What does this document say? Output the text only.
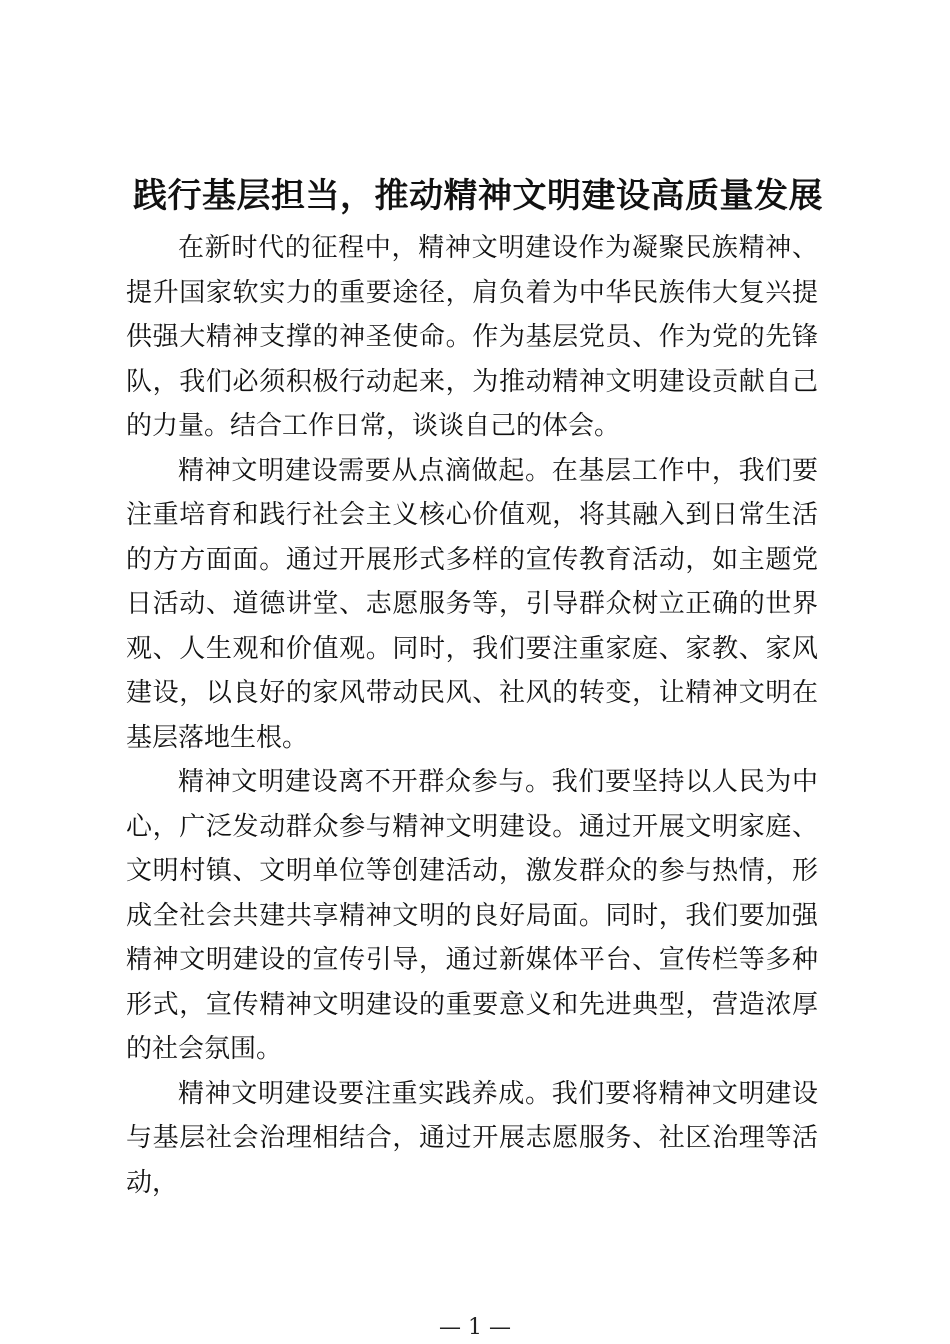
践行基层担当，推动精神文明建设高质量发展

在新时代的征程中，精神文明建设作为凝聚民族精神、提升国家软实力的重要途径，肩负着为中华民族伟大复兴提供强大精神支撑的神圣使命。作为基层党员、作为党的先锋队，我们必须积极行动起来，为推动精神文明建设贡献自己的力量。结合工作日常，谈谈自己的体会。

精神文明建设需要从点滴做起。在基层工作中，我们要注重培育和践行社会主义核心价值观，将其融入到日常生活的方方面面。通过开展形式多样的宣传教育活动，如主题党日活动、道德讲堂、志愿服务等，引导群众树立正确的世界观、人生观和价值观。同时，我们要注重家庭、家教、家风建设，以良好的家风带动民风、社风的转变，让精神文明在基层落地生根。

精神文明建设离不开群众参与。我们要坚持以人民为中心，广泛发动群众参与精神文明建设。通过开展文明家庭、文明村镇、文明单位等创建活动，激发群众的参与热情，形成全社会共建共享精神文明的良好局面。同时，我们要加强精神文明建设的宣传引导，通过新媒体平台、宣传栏等多种形式，宣传精神文明建设的重要意义和先进典型，营造浓厚的社会氛围。

精神文明建设要注重实践养成。我们要将精神文明建设与基层社会治理相结合，通过开展志愿服务、社区治理等活动，

— 1 —
